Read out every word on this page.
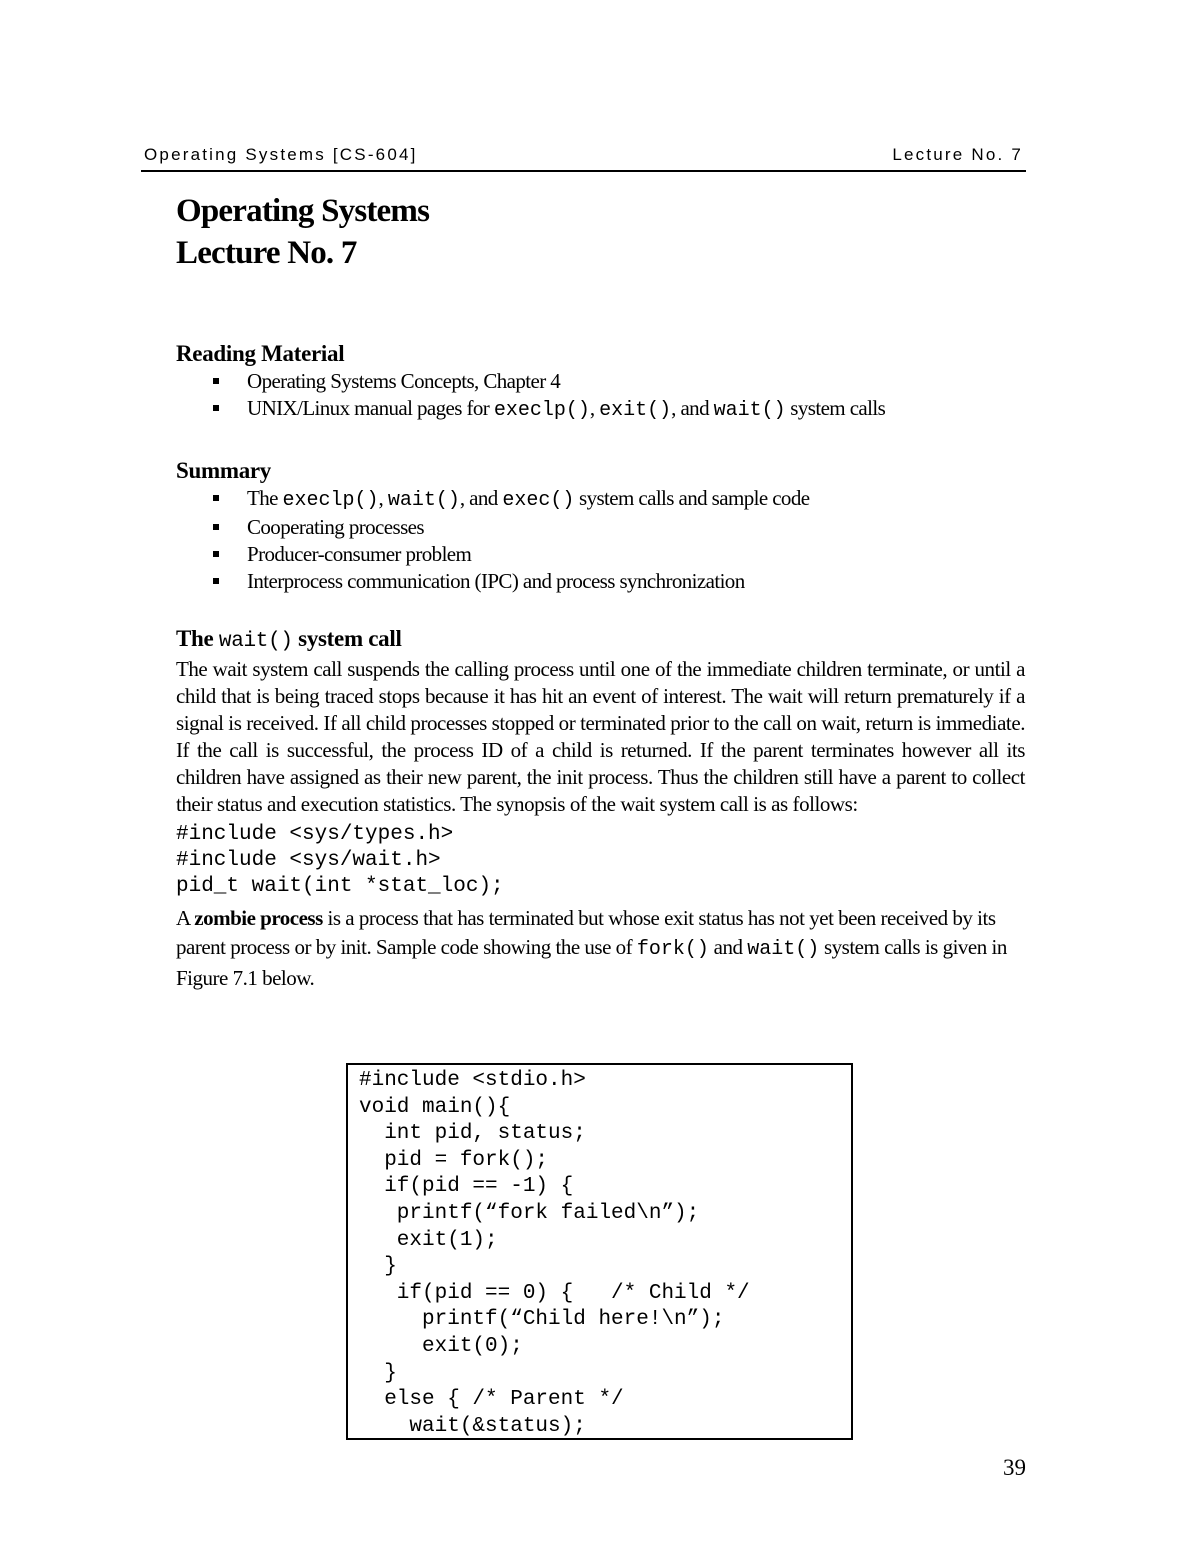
Operating Systems [CS-604]	Lecture No. 7
Operating Systems
Lecture No. 7
Reading Material
Operating Systems Concepts, Chapter 4
UNIX/Linux manual pages for execlp(), exit(), and wait() system calls
Summary
The execlp(), wait(), and exec() system calls and sample code
Cooperating processes
Producer-consumer problem
Interprocess communication (IPC) and process synchronization
The wait() system call

The wait system call suspends the calling process until one of the immediate children terminate, or until a child that is being traced stops because it has hit an event of interest. The wait will return prematurely if a signal is received. If all child processes stopped or terminated prior to the call on wait, return is immediate. If the call is successful, the process ID of a child is returned. If the parent terminates however all its children have assigned as their new parent, the init process. Thus the children still have a parent to collect their status and execution statistics. The synopsis of the wait system call is as follows:

#include <sys/types.h>
#include <sys/wait.h>
pid_t wait(int *stat_loc);

A zombie process is a process that has terminated but whose exit status has not yet been received by its parent process or by init. Sample code showing the use of fork() and wait() system calls is given in Figure 7.1 below.

#include <stdio.h>
void main(){
int pid, status;
pid = fork();
if(pid == -1) {
printf(“fork failed\n”);
exit(1);
}
if(pid == 0) {   /* Child */
printf(“Child here!\n”);
exit(0);
}
else { /* Parent */
wait(&status);
39
